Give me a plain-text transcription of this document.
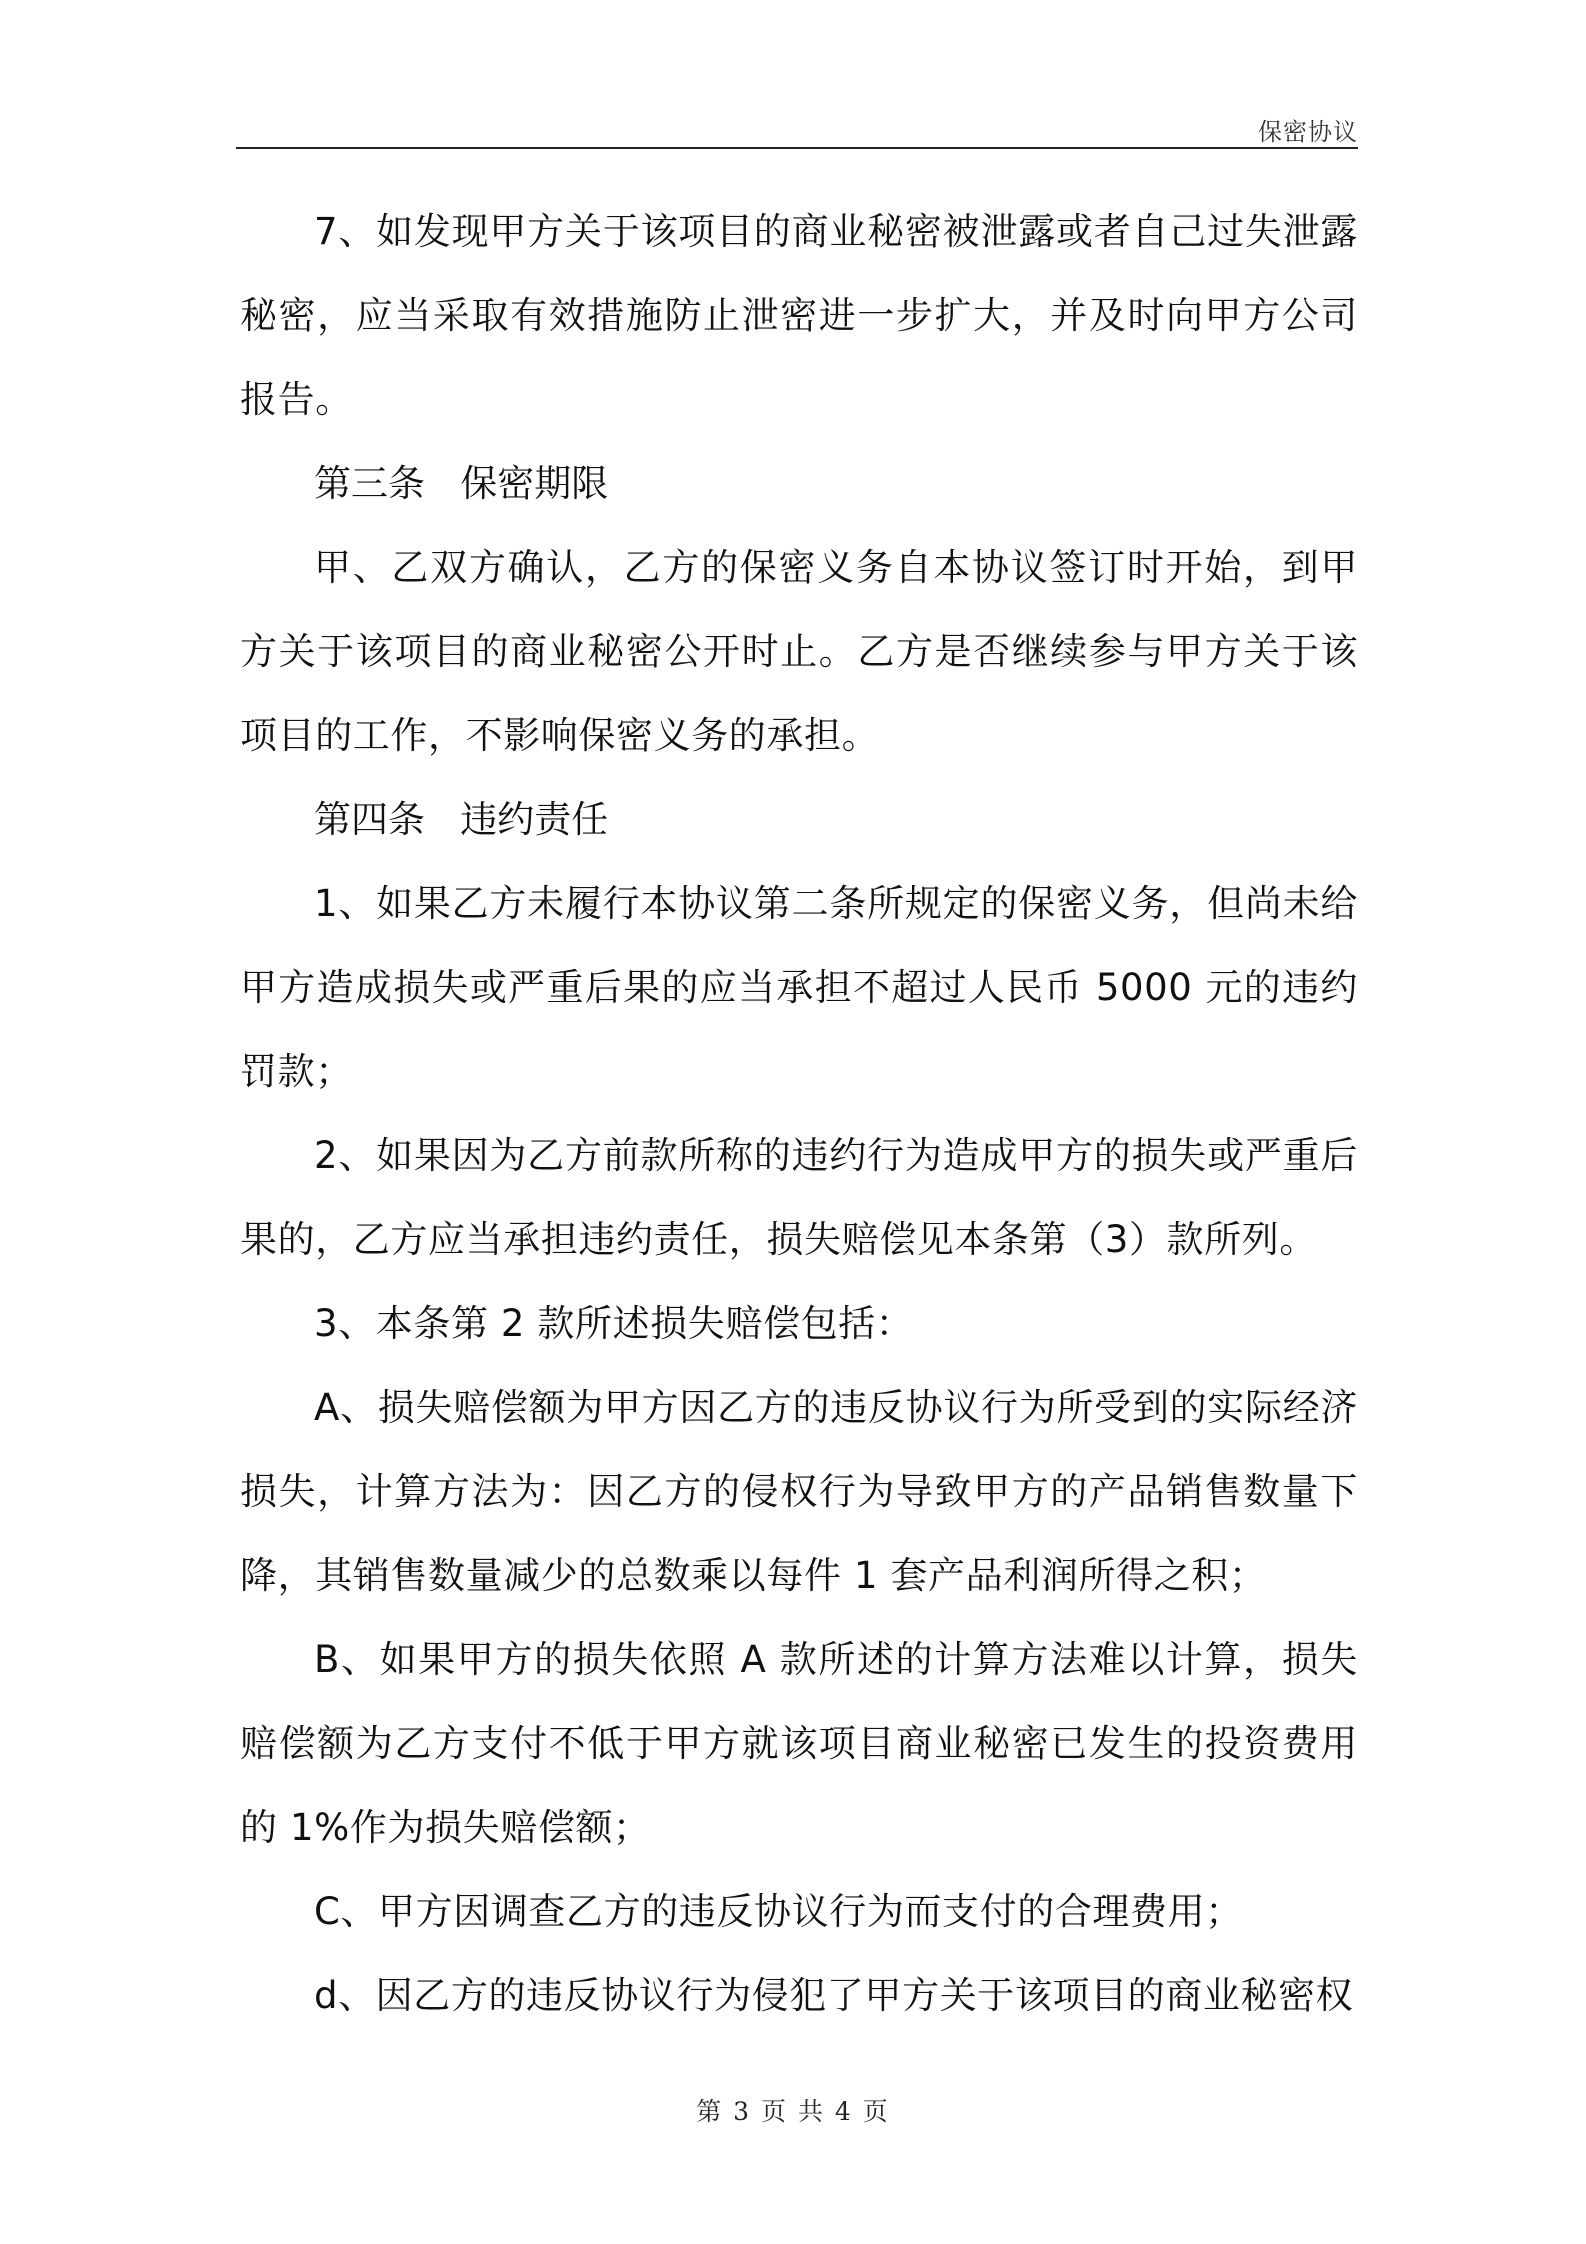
保密协议

7、如发现甲方关于该项目的商业秘密被泄露或者自己过失泄露秘密，应当采取有效措施防止泄密进一步扩大，并及时向甲方公司报告。

第三条   保密期限

甲、乙双方确认，乙方的保密义务自本协议签订时开始，到甲方关于该项目的商业秘密公开时止。乙方是否继续参与甲方关于该项目的工作，不影响保密义务的承担。

第四条   违约责任

1、如果乙方未履行本协议第二条所规定的保密义务，但尚未给甲方造成损失或严重后果的应当承担不超过人民币 5000 元的违约罚款；

2、如果因为乙方前款所称的违约行为造成甲方的损失或严重后果的，乙方应当承担违约责任，损失赔偿见本条第（3）款所列。

3、本条第 2 款所述损失赔偿包括：

A、损失赔偿额为甲方因乙方的违反协议行为所受到的实际经济损失，计算方法为：因乙方的侵权行为导致甲方的产品销售数量下降，其销售数量减少的总数乘以每件 1 套产品利润所得之积；

B、如果甲方的损失依照 A 款所述的计算方法难以计算，损失赔偿额为乙方支付不低于甲方就该项目商业秘密已发生的投资费用的 1%作为损失赔偿额；

C、甲方因调查乙方的违反协议行为而支付的合理费用；

d、因乙方的违反协议行为侵犯了甲方关于该项目的商业秘密权

第 3 页 共 4 页
